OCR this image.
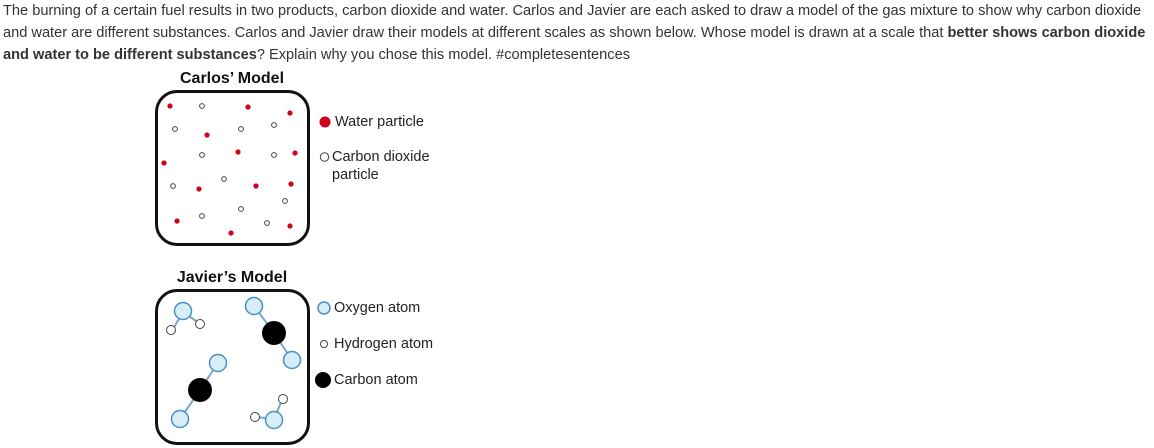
The burning of a certain fuel results in two products, carbon dioxide and water. Carlos and Javier are each asked to draw a model of the gas mixture to show why carbon dioxide and water are different substances. Carlos and Javier draw their models at different scales as shown below. Whose model is drawn at a scale that better shows carbon dioxide and water to be different substances? Explain why you chose this model. #completesentences
Carlos’ Model
Water particle
Carbon dioxide
particle
Javier’s Model
Oxygen atom
Hydrogen atom
Carbon atom
